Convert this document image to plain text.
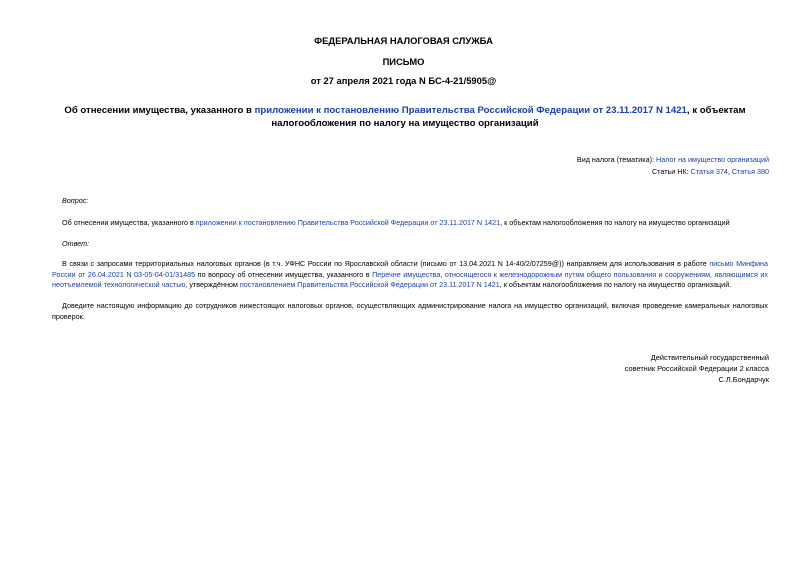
ФЕДЕРАЛЬНАЯ НАЛОГОВАЯ СЛУЖБА
ПИСЬМО
от 27 апреля 2021 года N БС-4-21/5905@
Об отнесении имущества, указанного в приложении к постановлению Правительства Российской Федерации от 23.11.2017 N 1421, к объектам налогообложения по налогу на имущество организаций
Вид налога (тематика): Налог на имущество организаций
Статьи НК: Статья 374, Статья 380
Вопрос:
Об отнесении имущества, указанного в приложении к постановлению Правительства Российской Федерации от 23.11.2017 N 1421, к объектам налогообложения по налогу на имущество организаций
Ответ:
В связи с запросами территориальных налоговых органов (в т.ч. УФНС России по Ярославской области (письмо от 13.04.2021 N 14-40/2/07259@)) направляем для использования в работе письмо Минфина России от 26.04.2021 N 03-05-04-01/31485 по вопросу об отнесении имущества, указанного в Перечне имущества, относящегося к железнодорожным путям общего пользования и сооружениям, являющимся их неотъемлемой технологической частью, утверждённом постановлением Правительства Российской Федерации от 23.11.2017 N 1421, к объектам налогообложения по налогу на имущество организаций.
Доведите настоящую информацию до сотрудников нижестоящих налоговых органов, осуществляющих администрирование налога на имущество организаций, включая проведение камеральных налоговых проверок.
Действительный государственный
советник Российской Федерации 2 класса
С.Л.Бондарчук
